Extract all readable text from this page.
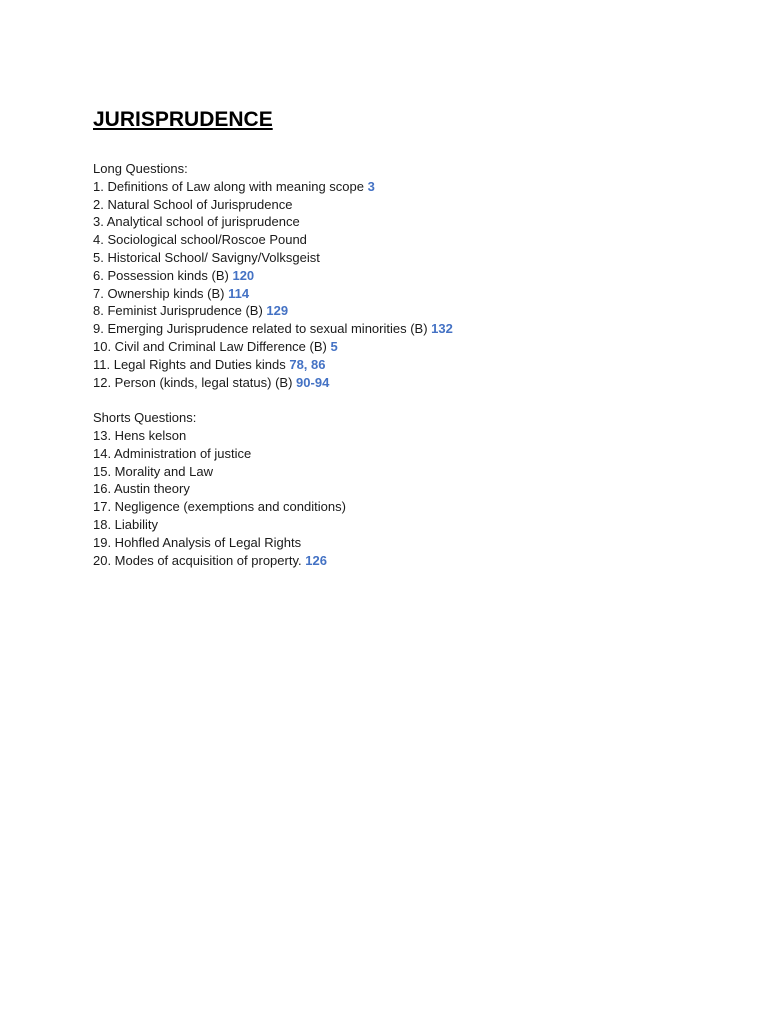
JURISPRUDENCE

Long Questions:

1. Definitions of Law along with meaning scope 3
2. Natural School of Jurisprudence
3. Analytical school of jurisprudence
4. Sociological school/Roscoe Pound
5. Historical School/ Savigny/Volksgeist
6. Possession kinds (B) 120
7. Ownership kinds (B) 114
8. Feminist Jurisprudence (B) 129
9. Emerging Jurisprudence related to sexual minorities (B) 132
10. Civil and Criminal Law Difference (B) 5
11. Legal Rights and Duties kinds 78, 86
12. Person (kinds, legal status) (B) 90-94

Shorts Questions:

13. Hens kelson
14. Administration of justice
15. Morality and Law
16. Austin theory
17. Negligence (exemptions and conditions)
18. Liability
19. Hohfled Analysis of Legal Rights
20. Modes of acquisition of property. 126
